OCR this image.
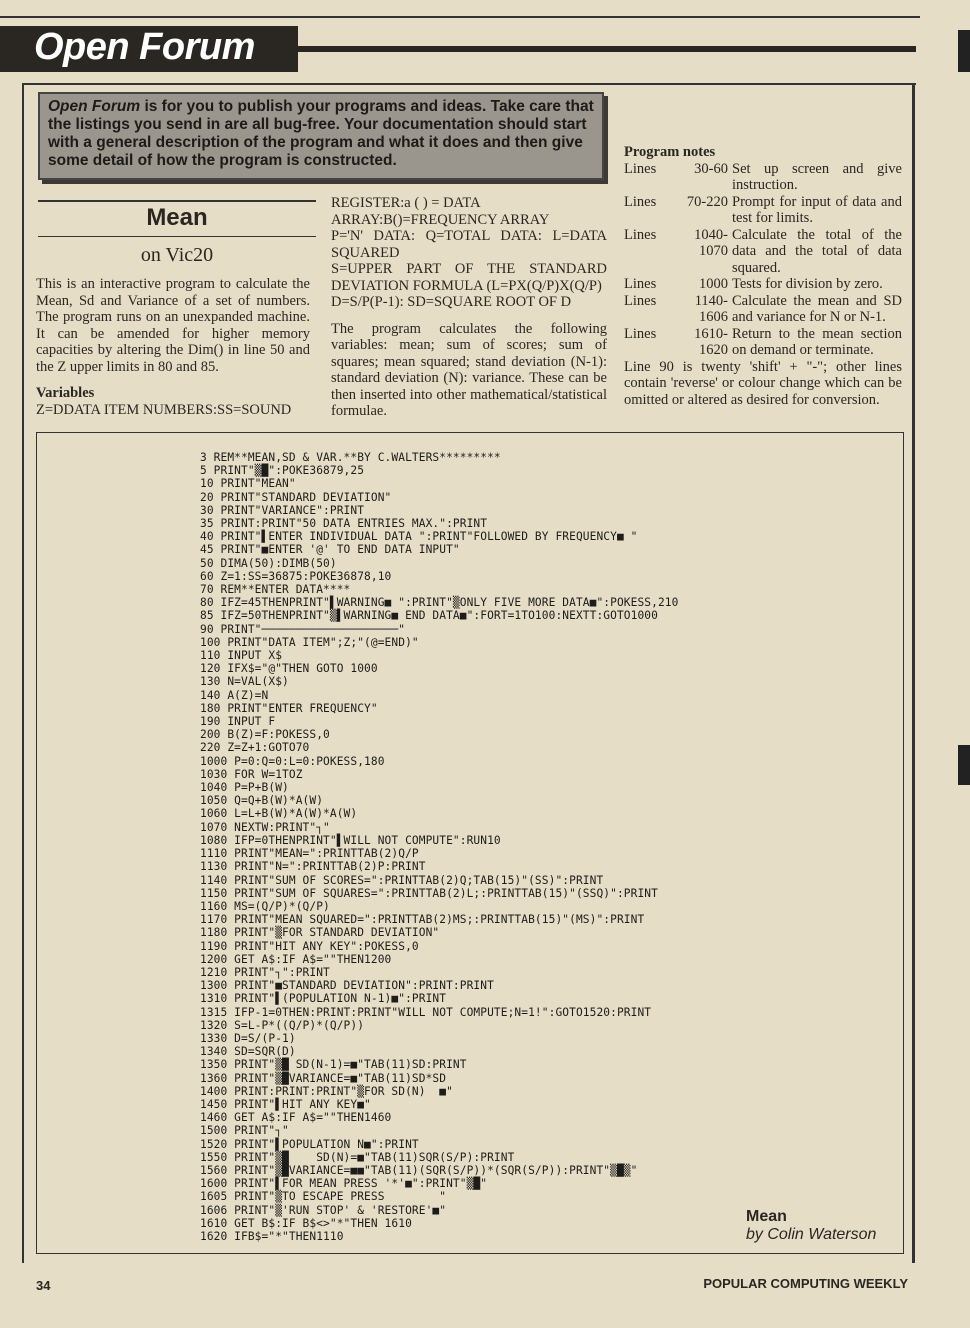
Open Forum
Open Forum is for you to publish your programs and ideas. Take care that the listings you send in are all bug-free. Your documentation should start with a general description of the program and what it does and then give some detail of how the program is constructed.
Mean
on Vic20

This is an interactive program to calculate the Mean, Sd and Variance of a set of numbers. The program runs on an unexpanded machine. It can be amended for higher memory capacities by altering the Dim() in line 50 and the Z upper limits in 80 and 85.

Variables
Z=DDATA ITEM NUMBERS:SS=SOUND
REGISTER:a ( ) = DATA
ARRAY:B()=FREQUENCY ARRAY
P='N' DATA: Q=TOTAL DATA: L=DATA SQUARED
S=UPPER PART OF THE STANDARD DEVIATION FORMULA (L=PX(Q/P)X(Q/P)
D=S/P(P-1): SD=SQUARE ROOT OF D

The program calculates the following variables: mean; sum of scores; sum of squares; mean squared; stand deviation (N-1): standard deviation (N): variance. These can be then inserted into other mathematical/statistical formulae.

Program notes
Lines	30-60	Set up screen and give instruction.
Lines	70-220	Prompt for input of data and test for limits.
Lines	1040-1070	Calculate the total of the data and the total of data squared.
Lines	1000	Tests for division by zero.
Lines	1140-1606	Calculate the mean and SD and variance for N or N-1.
Lines	1610-1620	Return to the mean section on demand or terminate.

Line 90 is twenty 'shift' + "-"; other lines contain 'reverse' or colour change which can be omitted or altered as desired for conversion.

3 REM**MEAN,SD & VAR.**BY C.WALTERS*********
5 PRINT"▒█":POKE36879,25
10 PRINT"MEAN"
20 PRINT"STANDARD DEVIATION"
30 PRINT"VARIANCE":PRINT
35 PRINT:PRINT"50 DATA ENTRIES MAX.":PRINT
40 PRINT"▌ENTER INDIVIDUAL DATA ":PRINT"FOLLOWED BY FREQUENCY■ "
45 PRINT"■ENTER '@' TO END DATA INPUT"
50 DIMA(50):DIMB(50)
60 Z=1:SS=36875:POKE36878,10
70 REM**ENTER DATA****
80 IFZ=45THENPRINT"▌WARNING■ ":PRINT"▒ONLY FIVE MORE DATA■":POKESS,210
85 IFZ=50THENPRINT"▒▌WARNING■ END DATA■":FORT=1TO100:NEXTT:GOTO1000
90 PRINT"────────────────────"
100 PRINT"DATA ITEM";Z;"(@=END)"
110 INPUT X$
120 IFX$="@"THEN GOTO 1000
130 N=VAL(X$)
140 A(Z)=N
180 PRINT"ENTER FREQUENCY"
190 INPUT F
200 B(Z)=F:POKESS,0
220 Z=Z+1:GOTO70
1000 P=0:Q=0:L=0:POKESS,180
1030 FOR W=1TOZ
1040 P=P+B(W)
1050 Q=Q+B(W)*A(W)
1060 L=L+B(W)*A(W)*A(W)
1070 NEXTW:PRINT"┐"
1080 IFP=0THENPRINT"▌WILL NOT COMPUTE":RUN10
1110 PRINT"MEAN=":PRINTTAB(2)Q/P
1130 PRINT"N=":PRINTTAB(2)P:PRINT
1140 PRINT"SUM OF SCORES=":PRINTTAB(2)Q;TAB(15)"(SS)":PRINT
1150 PRINT"SUM OF SQUARES=":PRINTTAB(2)L;:PRINTTAB(15)"(SSQ)":PRINT
1160 MS=(Q/P)*(Q/P)
1170 PRINT"MEAN SQUARED=":PRINTTAB(2)MS;:PRINTTAB(15)"(MS)":PRINT
1180 PRINT"▒FOR STANDARD DEVIATION"
1190 PRINT"HIT ANY KEY":POKESS,0
1200 GET A$:IF A$=""THEN1200
1210 PRINT"┐":PRINT
1300 PRINT"■STANDARD DEVIATION":PRINT:PRINT
1310 PRINT"▌(POPULATION N-1)■":PRINT
1315 IFP-1=0THEN:PRINT:PRINT"WILL NOT COMPUTE;N=1!":GOTO1520:PRINT
1320 S=L-P*((Q/P)*(Q/P))
1330 D=S/(P-1)
1340 SD=SQR(D)
1350 PRINT"▒█ SD(N-1)=■"TAB(11)SD:PRINT
1360 PRINT"▒█VARIANCE=■"TAB(11)SD*SD
1400 PRINT:PRINT:PRINT"▒FOR SD(N)  ■"
1450 PRINT"▌HIT ANY KEY■"
1460 GET A$:IF A$=""THEN1460
1500 PRINT"┐"
1520 PRINT"▌POPULATION N■":PRINT
1550 PRINT"▒█    SD(N)=■"TAB(11)SQR(S/P):PRINT
1560 PRINT"▒█VARIANCE=■■"TAB(11)(SQR(S/P))*(SQR(S/P)):PRINT"▒█▒"
1600 PRINT"▌FOR MEAN PRESS '*'■":PRINT"▒█"
1605 PRINT"▒TO ESCAPE PRESS        "
1606 PRINT"▒'RUN STOP' & 'RESTORE'■"
1610 GET B$:IF B$<>"*"THEN 1610
1620 IFB$="*"THEN1110
Mean
by Colin Waterson
34	POPULAR COMPUTING WEEKLY
